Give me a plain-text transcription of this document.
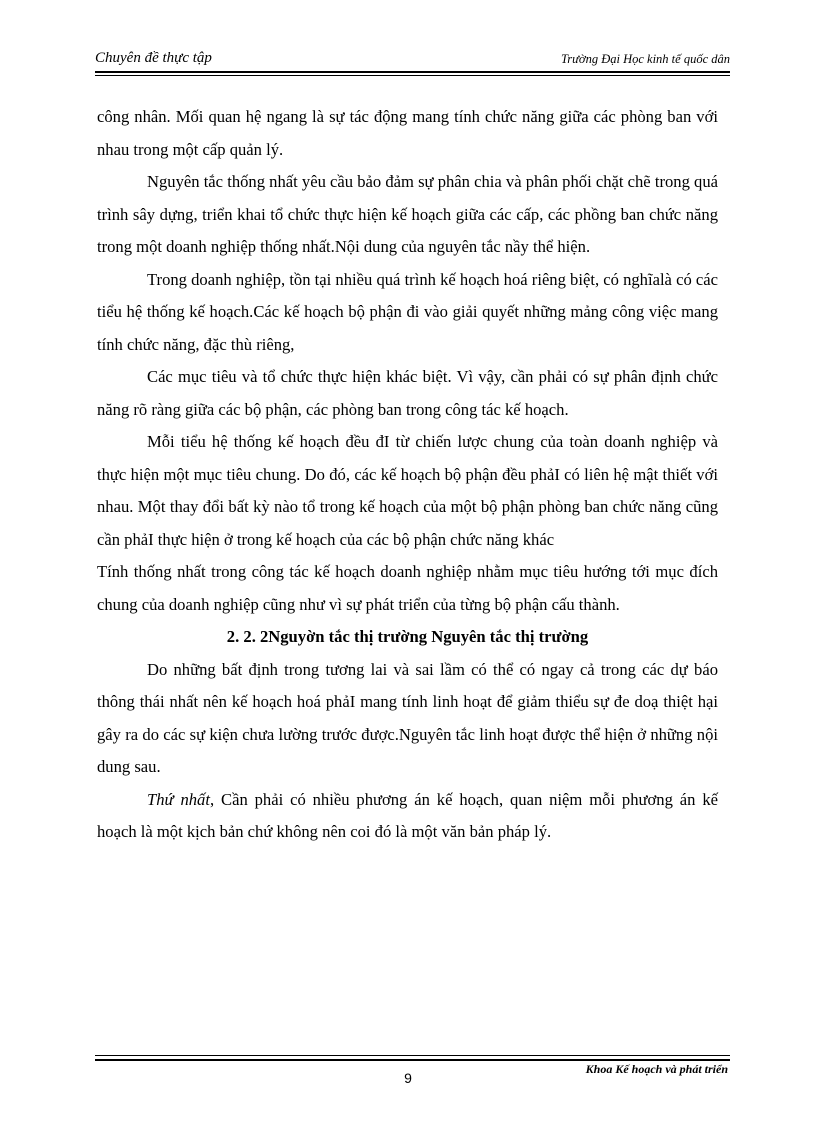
Chuyên đề thực tập	Trường Đại Học kinh tế quốc dân

công nhân. Mối quan hệ ngang là sự tác động mang tính chức năng giữa các phòng ban với nhau trong một cấp quản lý.

Nguyên tắc thống nhất yêu cầu bảo đảm sự phân chia và phân phối chặt chẽ trong quá trình sây dựng, triển khai tổ chức thực hiện kế hoạch giữa các cấp, các phồng ban chức năng trong một doanh nghiệp thống nhất.Nội dung của nguyên tắc nầy thể hiện.

Trong doanh nghiệp, tồn tại nhiều quá trình kế hoạch hoá riêng biệt, có nghĩalà có các tiểu hệ thống kế hoạch.Các kế hoạch bộ phận đi vào giải quyết những mảng công việc mang tính chức năng, đặc thù riêng,

Các mục tiêu và tổ chức thực hiện khác biệt. Vì vậy, cần phải có sự phân định chức năng rõ ràng giữa các bộ phận, các phòng ban trong công tác kế hoạch.

Mỗi tiểu hệ thống kế hoạch đều đI từ chiến lược chung của toàn doanh nghiệp và thực hiện một mục tiêu chung. Do đó, các kế hoạch bộ phận đều phảI có liên hệ mật thiết với nhau. Một thay đổi bất kỳ nào tổ trong kế hoạch của một bộ phận phòng ban chức năng cũng cần phảI thực hiện ở trong kế hoạch của các bộ phận chức năng khác

Tính thống nhất trong công tác kế hoạch doanh nghiệp nhằm mục tiêu hướng tới mục đích chung của doanh nghiệp cũng như vì sự phát triển của từng bộ phận cấu thành.

2. 2. 2Nguyờn tắc thị trường Nguyên tắc thị trường

Do những bất định trong tương lai và sai lầm có thể có ngay cả trong các dự báo thông thái nhất nên kế hoạch hoá phảI mang tính linh hoạt để giảm thiểu sự đe doạ thiệt hại gây ra do các sự kiện chưa lường trước được.Nguyên tắc linh hoạt được thể hiện ở những nội dung sau.

Thứ nhất, Cần phải có nhiều phương án kế hoạch, quan niệm mỗi phương án kế hoạch là một kịch bản chứ không nên coi đó là một văn bản pháp lý.

9
Khoa Kế hoạch và phát triển
